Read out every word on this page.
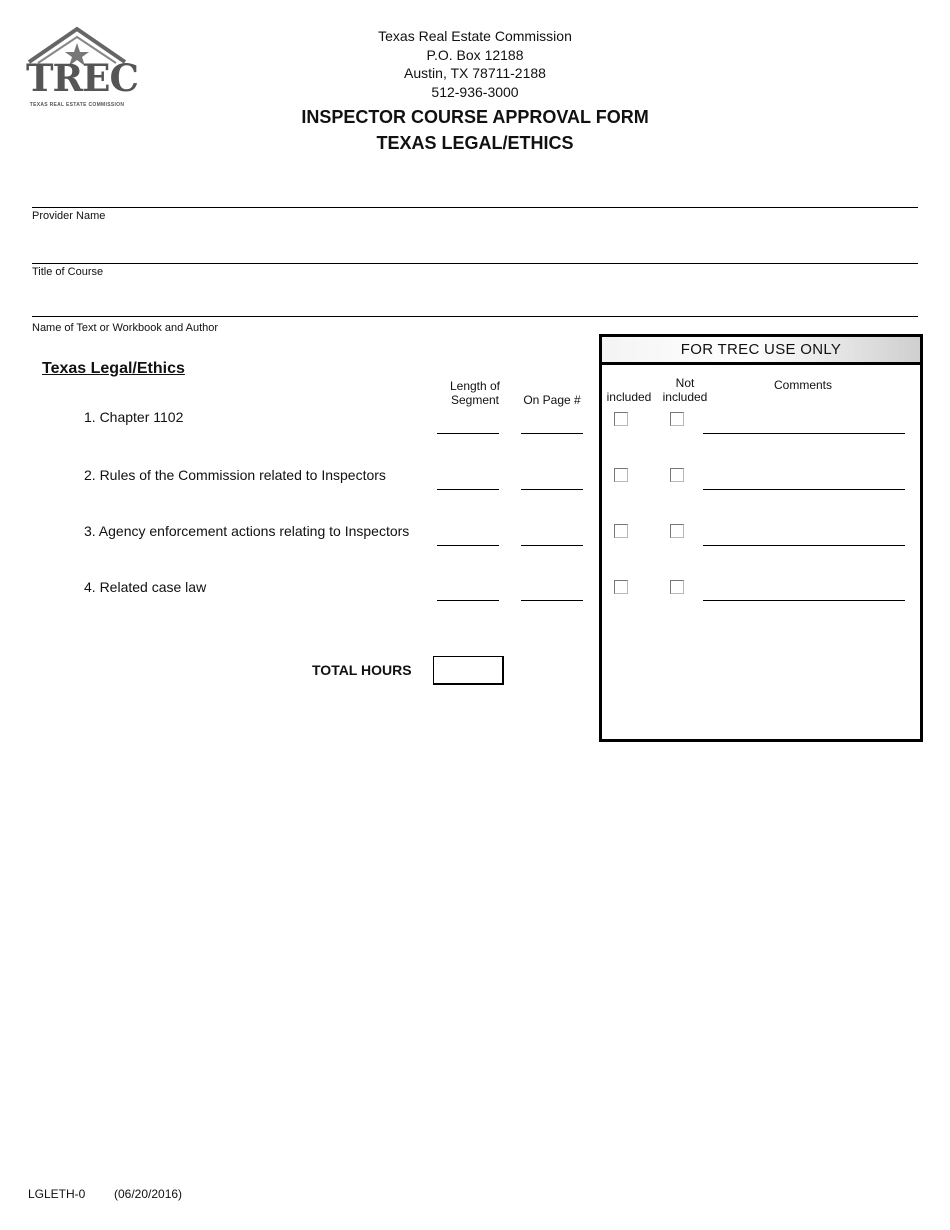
TREC
TEXAS REAL ESTATE COMMISSION
Texas Real Estate Commission
P.O. Box 12188
Austin, TX 78711-2188
512-936-3000
INSPECTOR COURSE APPROVAL FORM
TEXAS LEGAL/ETHICS
Provider Name
Title of Course
Name of Text or Workbook and Author
Texas Legal/Ethics
Length of
Segment	On Page #
1. Chapter 1102
2. Rules of the Commission related to Inspectors
3. Agency enforcement actions relating to Inspectors
4. Related case law
TOTAL HOURS
FOR TREC USE ONLY
included
Not
included
Comments
LGLETH-0 (06/20/2016)
